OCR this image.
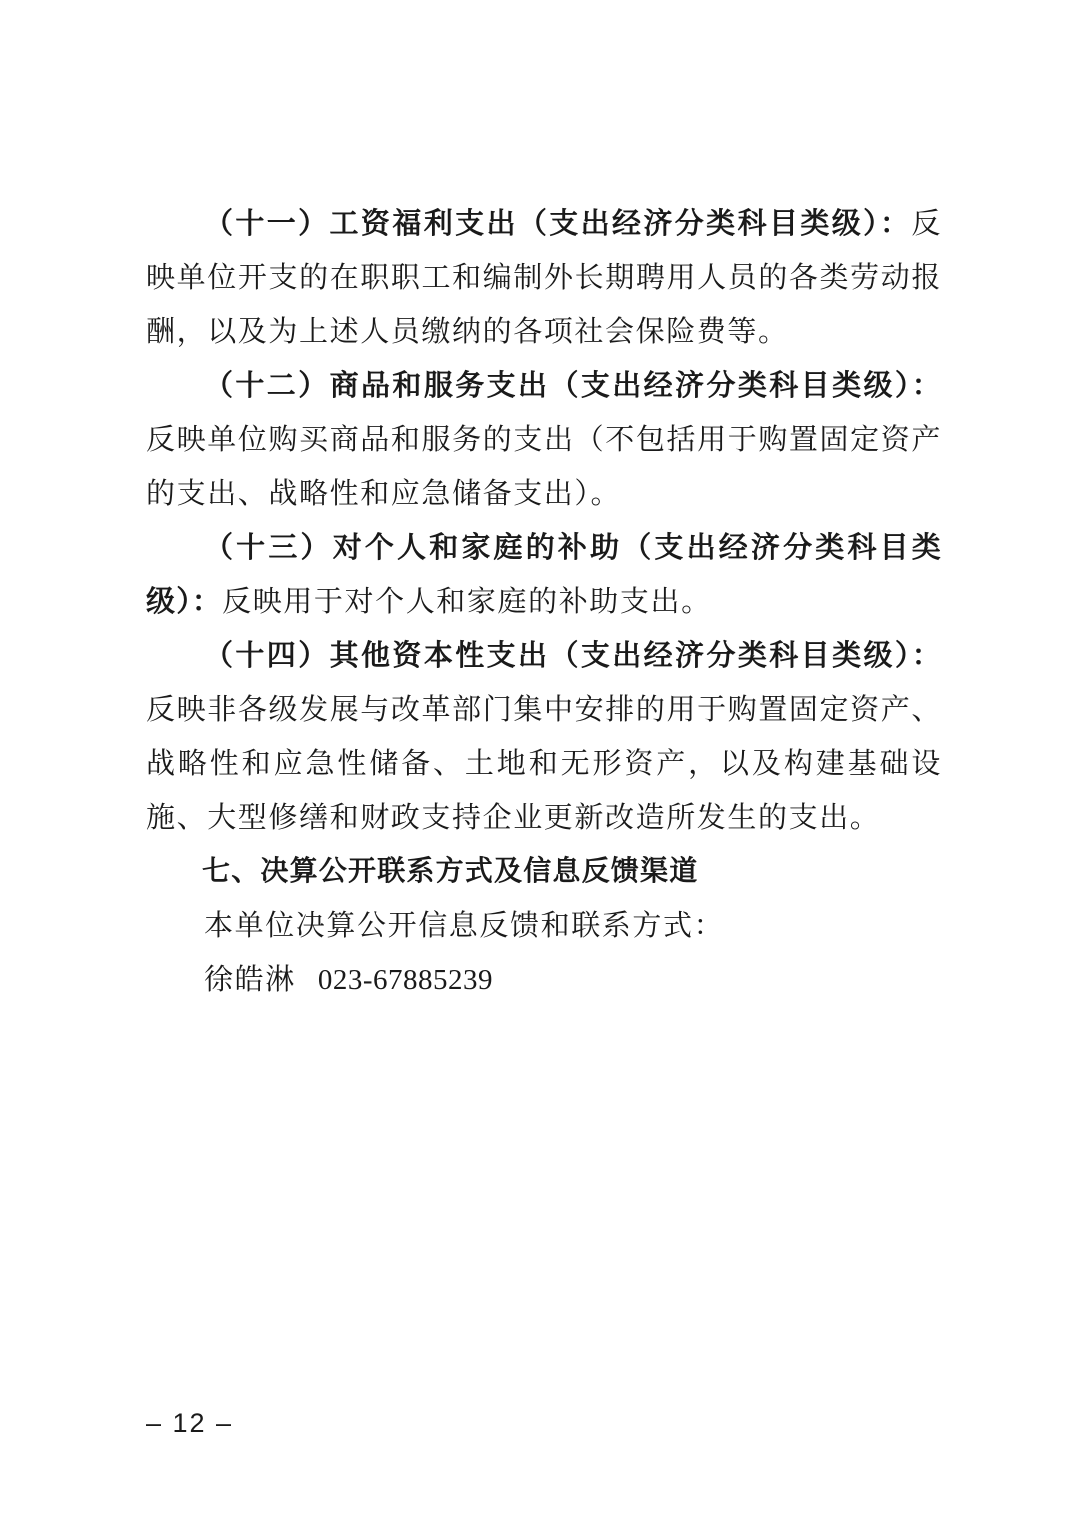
（十一）工资福利支出（支出经济分类科目类级）：反映单位开支的在职职工和编制外长期聘用人员的各类劳动报酬，以及为上述人员缴纳的各项社会保险费等。

（十二）商品和服务支出（支出经济分类科目类级）：反映单位购买商品和服务的支出（不包括用于购置固定资产的支出、战略性和应急储备支出）。

（十三）对个人和家庭的补助（支出经济分类科目类级）：反映用于对个人和家庭的补助支出。

（十四）其他资本性支出（支出经济分类科目类级）：反映非各级发展与改革部门集中安排的用于购置固定资产、战略性和应急性储备、土地和无形资产，以及构建基础设施、大型修缮和财政支持企业更新改造所发生的支出。

七、决算公开联系方式及信息反馈渠道

本单位决算公开信息反馈和联系方式：

徐皓淋 023-67885239

– 12 –
